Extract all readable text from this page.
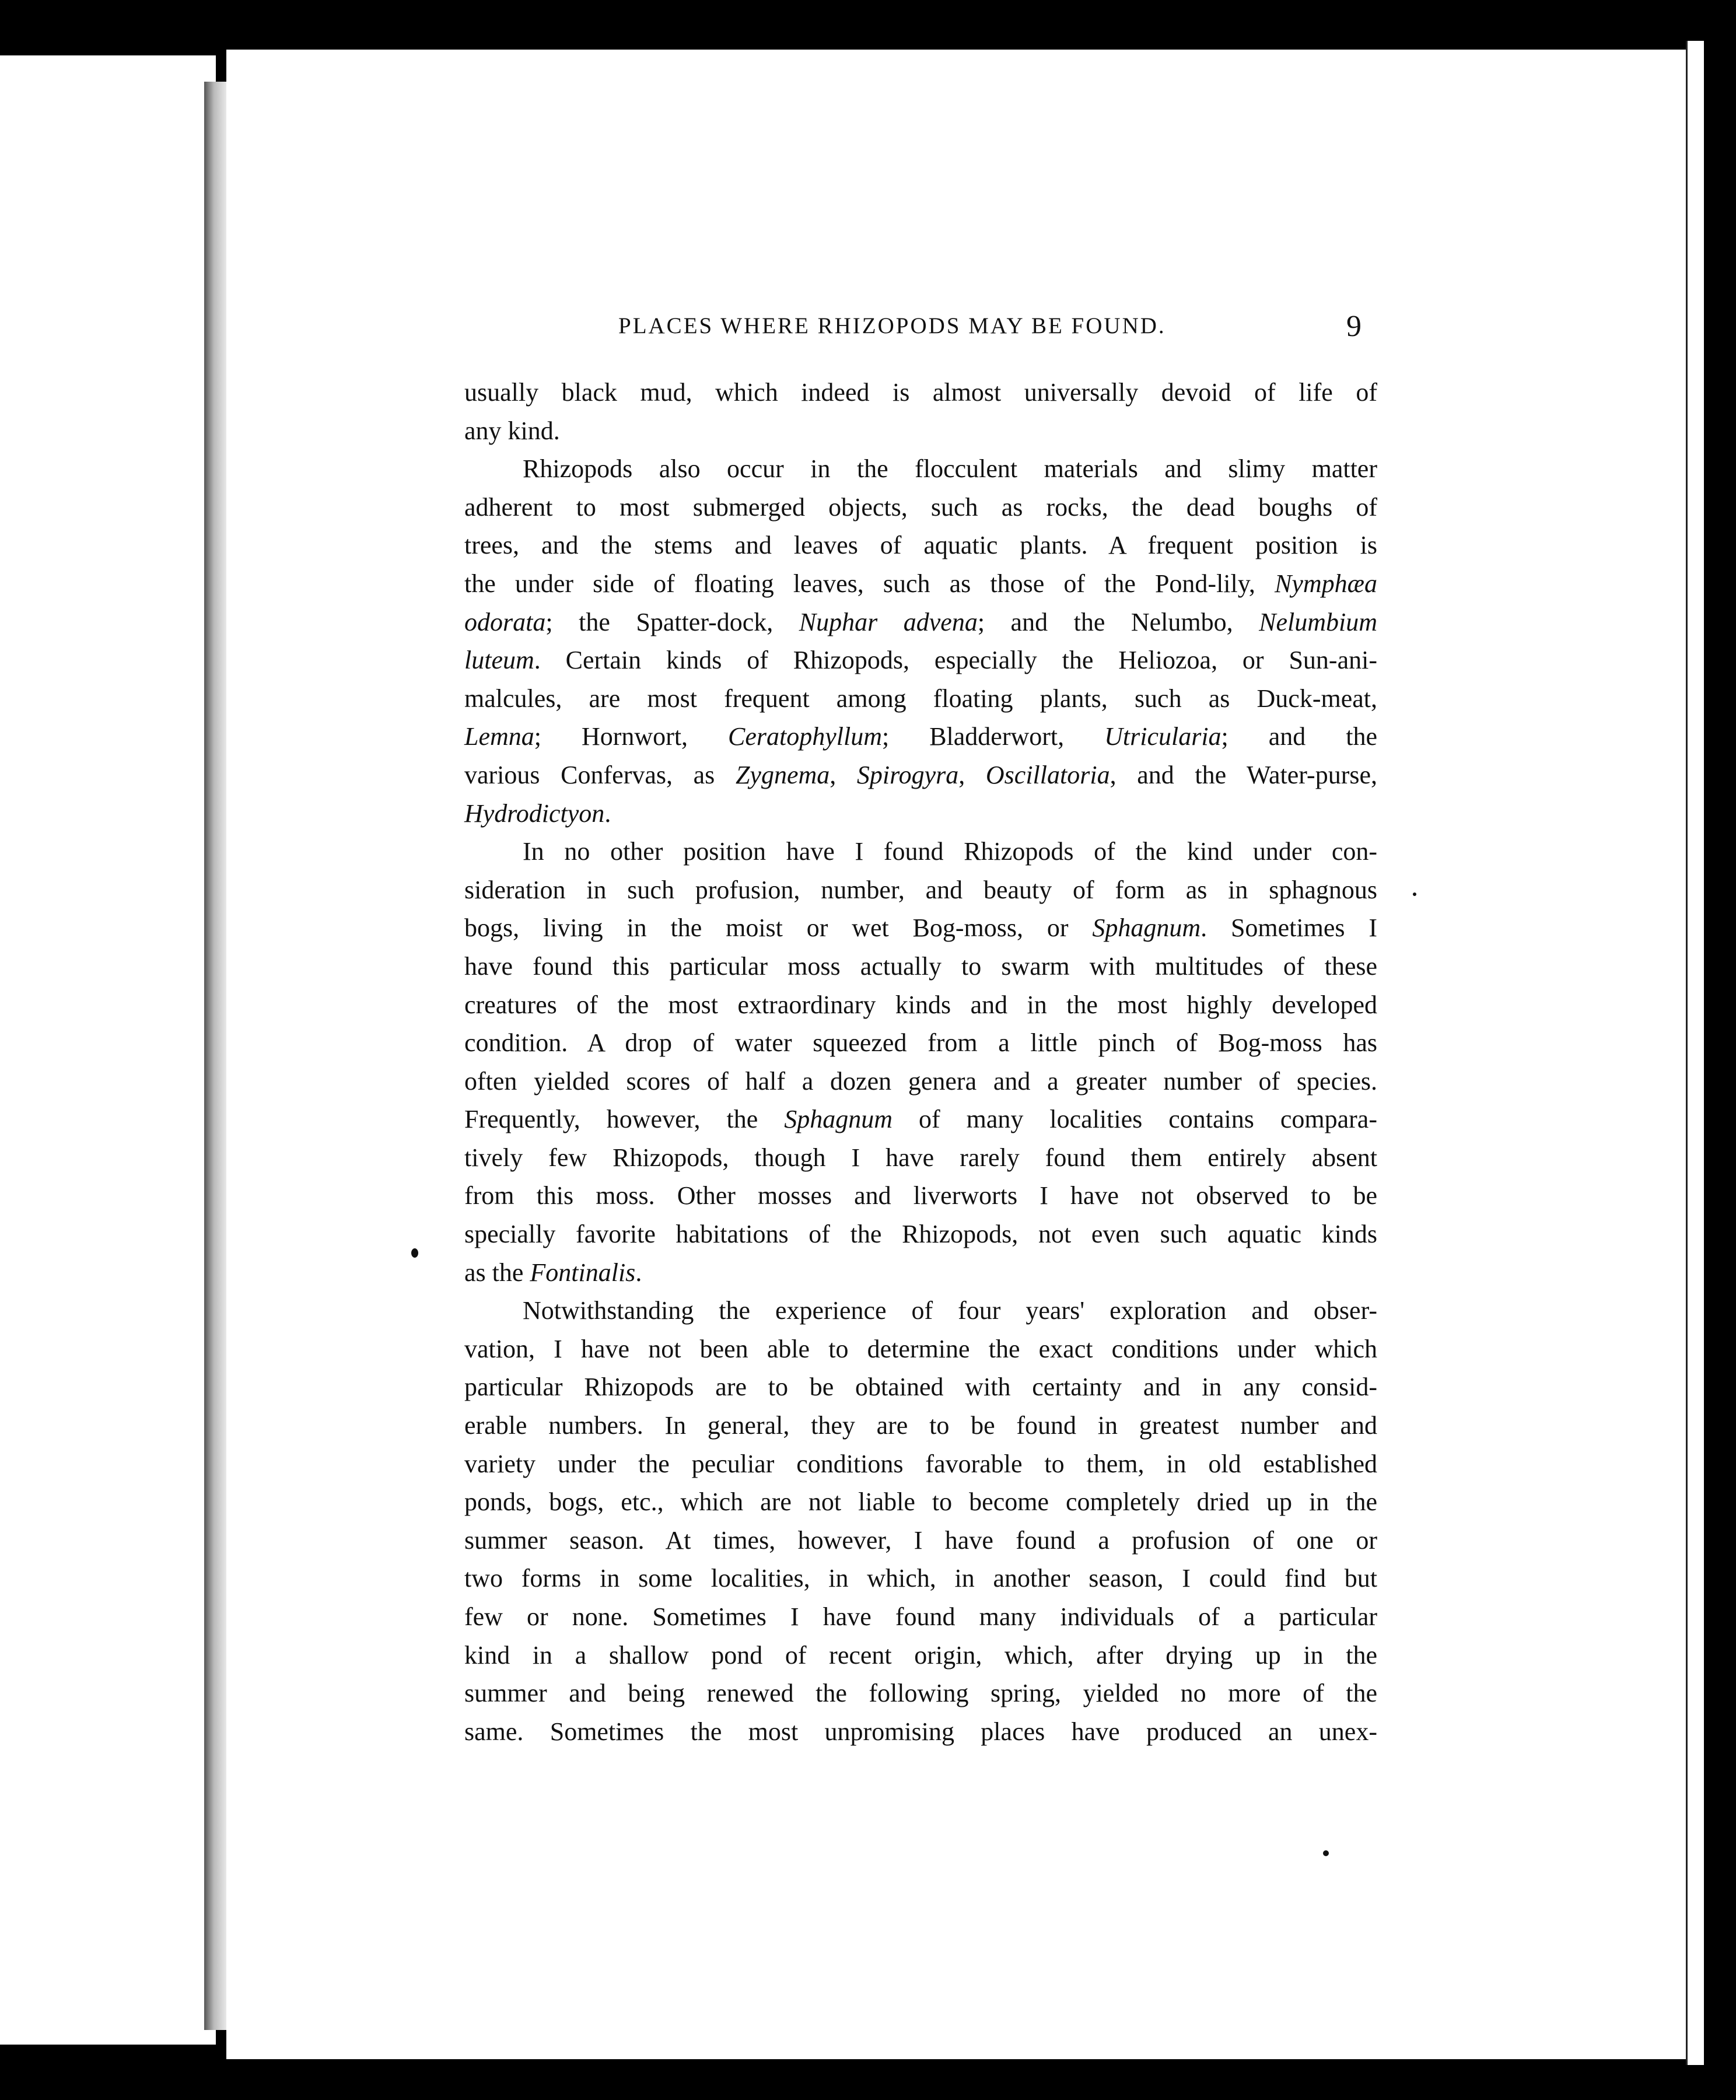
PLACES WHERE RHIZOPODS MAY BE FOUND.	9

usually black mud, which indeed is almost universally devoid of life of

any kind.

Rhizopods also occur in the flocculent materials and slimy matter

adherent to most submerged objects, such as rocks, the dead boughs of

trees, and the stems and leaves of aquatic plants. A frequent position is

the under side of floating leaves, such as those of the Pond-lily, Nymphæa

odorata; the Spatter-dock, Nuphar advena; and the Nelumbo, Nelumbium

luteum. Certain kinds of Rhizopods, especially the Heliozoa, or Sun-ani-

malcules, are most frequent among floating plants, such as Duck-meat,

Lemna; Hornwort, Ceratophyllum; Bladderwort, Utricularia; and the

various Confervas, as Zygnema, Spirogyra, Oscillatoria, and the Water-purse,

Hydrodictyon.

In no other position have I found Rhizopods of the kind under con-

sideration in such profusion, number, and beauty of form as in sphagnous

bogs, living in the moist or wet Bog-moss, or Sphagnum. Sometimes I

have found this particular moss actually to swarm with multitudes of these

creatures of the most extraordinary kinds and in the most highly developed

condition. A drop of water squeezed from a little pinch of Bog-moss has

often yielded scores of half a dozen genera and a greater number of species.

Frequently, however, the Sphagnum of many localities contains compara-

tively few Rhizopods, though I have rarely found them entirely absent

from this moss. Other mosses and liverworts I have not observed to be

specially favorite habitations of the Rhizopods, not even such aquatic kinds

as the Fontinalis.

Notwithstanding the experience of four years' exploration and obser-

vation, I have not been able to determine the exact conditions under which

particular Rhizopods are to be obtained with certainty and in any consid-

erable numbers. In general, they are to be found in greatest number and

variety under the peculiar conditions favorable to them, in old established

ponds, bogs, etc., which are not liable to become completely dried up in the

summer season. At times, however, I have found a profusion of one or

two forms in some localities, in which, in another season, I could find but

few or none. Sometimes I have found many individuals of a particular

kind in a shallow pond of recent origin, which, after drying up in the

summer and being renewed the following spring, yielded no more of the

same. Sometimes the most unpromising places have produced an unex-
